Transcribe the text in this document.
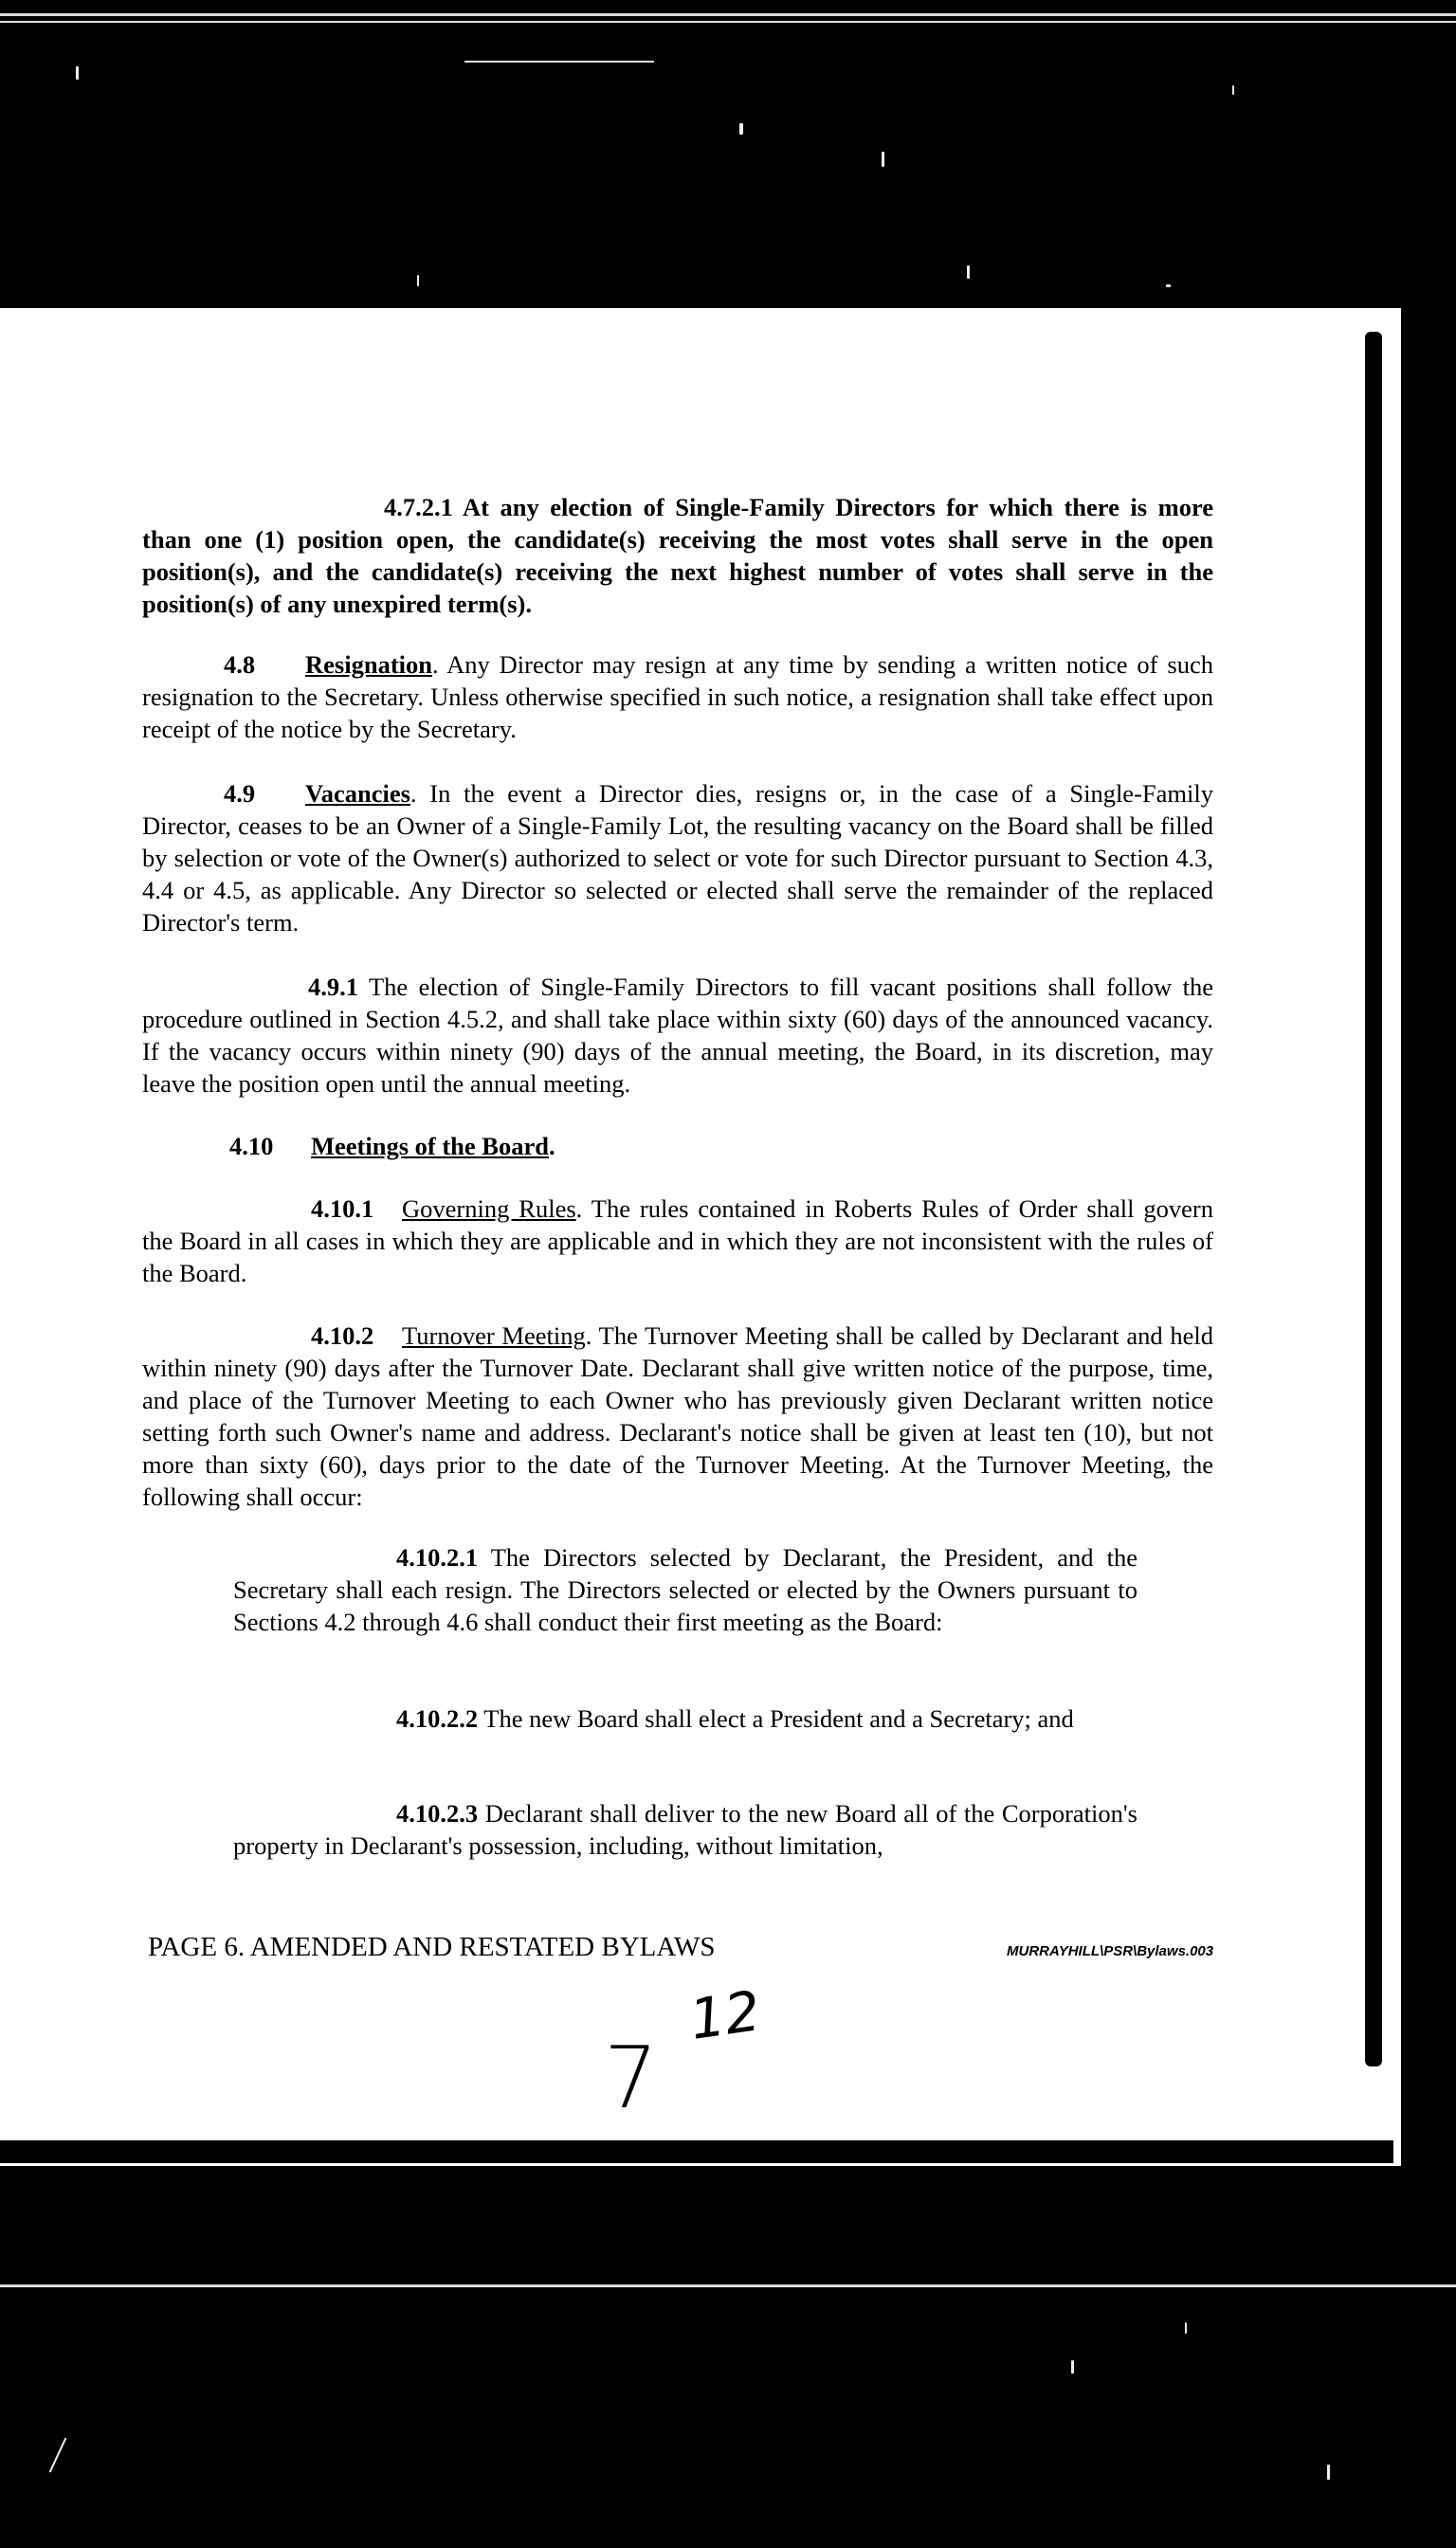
4.7.2.1 At any election of Single-Family Directors for which there is more than one (1) position open, the candidate(s) receiving the most votes shall serve in the open position(s), and the candidate(s) receiving the next highest number of votes shall serve in the position(s) of any unexpired term(s).
4.8 Resignation. Any Director may resign at any time by sending a written notice of such resignation to the Secretary. Unless otherwise specified in such notice, a resignation shall take effect upon receipt of the notice by the Secretary.
4.9 Vacancies. In the event a Director dies, resigns or, in the case of a Single-Family Director, ceases to be an Owner of a Single-Family Lot, the resulting vacancy on the Board shall be filled by selection or vote of the Owner(s) authorized to select or vote for such Director pursuant to Section 4.3, 4.4 or 4.5, as applicable. Any Director so selected or elected shall serve the remainder of the replaced Director's term.
4.9.1 The election of Single-Family Directors to fill vacant positions shall follow the procedure outlined in Section 4.5.2, and shall take place within sixty (60) days of the announced vacancy. If the vacancy occurs within ninety (90) days of the annual meeting, the Board, in its discretion, may leave the position open until the annual meeting.
4.10 Meetings of the Board.
4.10.1 Governing Rules. The rules contained in Roberts Rules of Order shall govern the Board in all cases in which they are applicable and in which they are not inconsistent with the rules of the Board.
4.10.2 Turnover Meeting. The Turnover Meeting shall be called by Declarant and held within ninety (90) days after the Turnover Date. Declarant shall give written notice of the purpose, time, and place of the Turnover Meeting to each Owner who has previously given Declarant written notice setting forth such Owner's name and address. Declarant's notice shall be given at least ten (10), but not more than sixty (60), days prior to the date of the Turnover Meeting. At the Turnover Meeting, the following shall occur:
4.10.2.1 The Directors selected by Declarant, the President, and the Secretary shall each resign. The Directors selected or elected by the Owners pursuant to Sections 4.2 through 4.6 shall conduct their first meeting as the Board:
4.10.2.2 The new Board shall elect a President and a Secretary; and
4.10.2.3 Declarant shall deliver to the new Board all of the Corporation's property in Declarant's possession, including, without limitation,
PAGE 6. AMENDED AND RESTATED BYLAWS	MURRAYHILL\PSR\Bylaws.003
12
7
